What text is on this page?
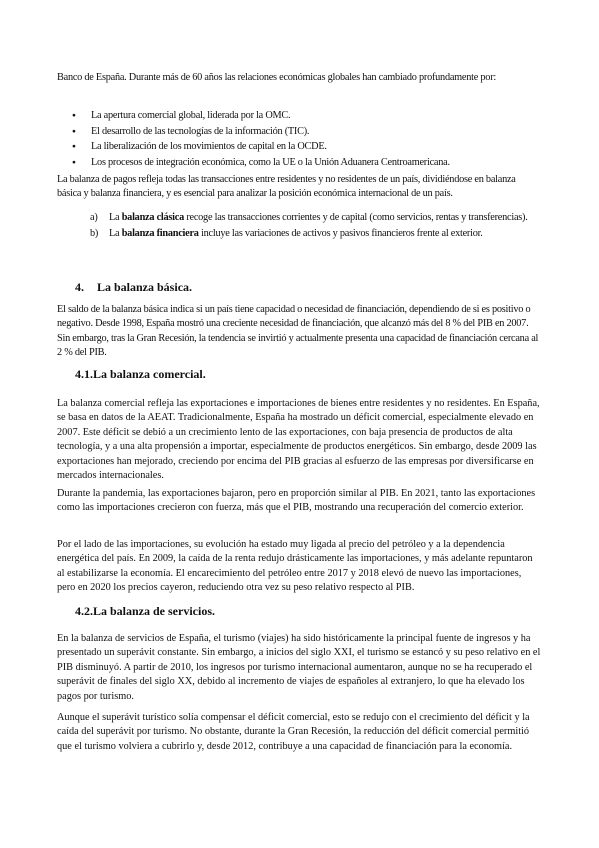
Banco de España. Durante más de 60 años las relaciones económicas globales han cambiado profundamente por:

● La apertura comercial global, liderada por la OMC.
● El desarrollo de las tecnologías de la información (TIC).
● La liberalización de los movimientos de capital en la OCDE.
● Los procesos de integración económica, como la UE o la Unión Aduanera Centroamericana.

La balanza de pagos refleja todas las transacciones entre residentes y no residentes de un país, dividiéndose en balanza básica y balanza financiera, y es esencial para analizar la posición económica internacional de un país.

a) La balanza clásica recoge las transacciones corrientes y de capital (como servicios, rentas y transferencias).
b) La balanza financiera incluye las variaciones de activos y pasivos financieros frente al exterior.
4. La balanza básica.

El saldo de la balanza básica indica si un país tiene capacidad o necesidad de financiación, dependiendo de si es positivo o negativo. Desde 1998, España mostró una creciente necesidad de financiación, que alcanzó más del 8 % del PIB en 2007. Sin embargo, tras la Gran Recesión, la tendencia se invirtió y actualmente presenta una capacidad de financiación cercana al 2 % del PIB.

4.1.La balanza comercial.

La balanza comercial refleja las exportaciones e importaciones de bienes entre residentes y no residentes. En España, se basa en datos de la AEAT. Tradicionalmente, España ha mostrado un déficit comercial, especialmente elevado en 2007. Este déficit se debió a un crecimiento lento de las exportaciones, con baja presencia de productos de alta tecnología, y a una alta propensión a importar, especialmente de productos energéticos. Sin embargo, desde 2009 las exportaciones han mejorado, creciendo por encima del PIB gracias al esfuerzo de las empresas por diversificarse en mercados internacionales.

Durante la pandemia, las exportaciones bajaron, pero en proporción similar al PIB. En 2021, tanto las exportaciones como las importaciones crecieron con fuerza, más que el PIB, mostrando una recuperación del comercio exterior.

Por el lado de las importaciones, su evolución ha estado muy ligada al precio del petróleo y a la dependencia energética del país. En 2009, la caída de la renta redujo drásticamente las importaciones, y más adelante repuntaron al estabilizarse la economía. El encarecimiento del petróleo entre 2017 y 2018 elevó de nuevo las importaciones, pero en 2020 los precios cayeron, reduciendo otra vez su peso relativo respecto al PIB.

4.2.La balanza de servicios.

En la balanza de servicios de España, el turismo (viajes) ha sido históricamente la principal fuente de ingresos y ha presentado un superávit constante. Sin embargo, a inicios del siglo XXI, el turismo se estancó y su peso relativo en el PIB disminuyó. A partir de 2010, los ingresos por turismo internacional aumentaron, aunque no se ha recuperado el superávit de finales del siglo XX, debido al incremento de viajes de españoles al extranjero, lo que ha elevado los pagos por turismo.

Aunque el superávit turístico solía compensar el déficit comercial, esto se redujo con el crecimiento del déficit y la caída del superávit por turismo. No obstante, durante la Gran Recesión, la reducción del déficit comercial permitió que el turismo volviera a cubrirlo y, desde 2012, contribuye a una capacidad de financiación para la economía.
